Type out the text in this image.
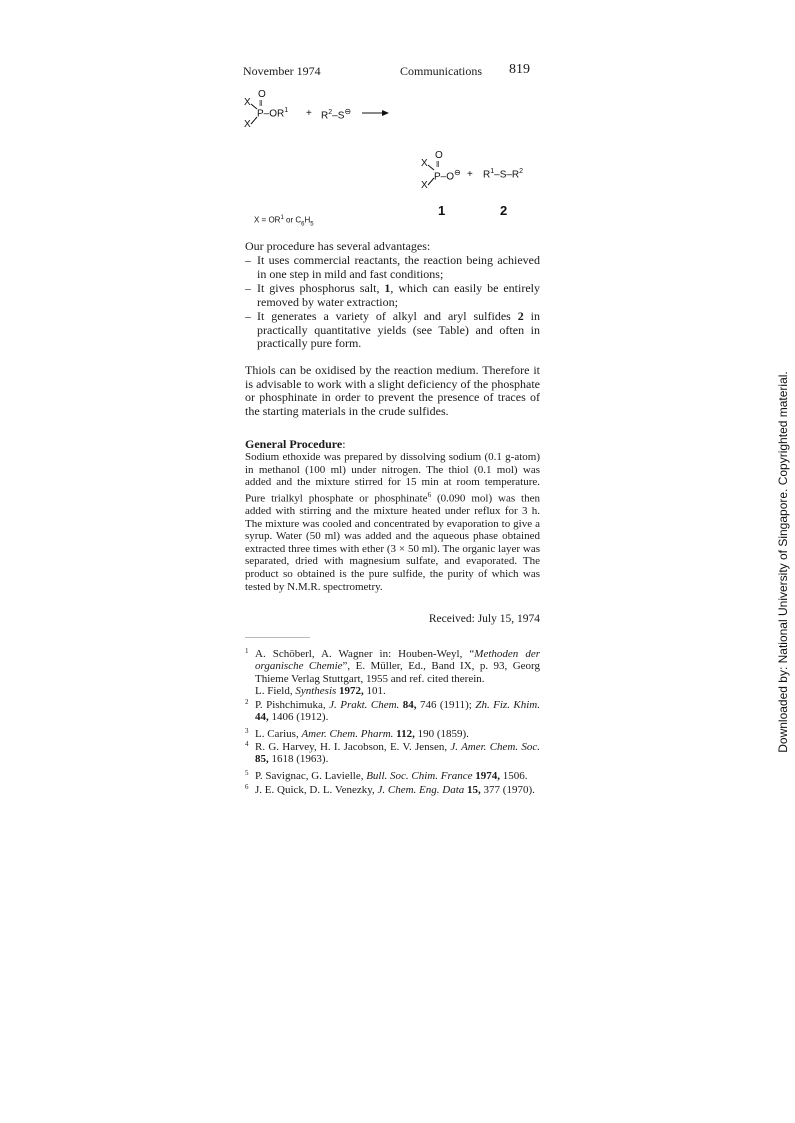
November 1974	Communications 819
O
X ‖
$P-OR^1$
X
+ $R^2-S^⊖$ →
O
X ‖
$P-O^⊖ + R^1-S-R^2$
X
1	2
$X = OR^1$ or $C_6H_5$
Our procedure has several advantages:
– It uses commercial reactants, the reaction being achieved in one step in mild and fast conditions;
– It gives phosphorus salt, 1, which can easily be entirely removed by water extraction;
– It generates a variety of alkyl and aryl sulfides 2 in practically quantitative yields (see Table) and often in practically pure form.
Thiols can be oxidised by the reaction medium. Therefore it is advisable to work with a slight deficiency of the phosphate or phosphinate in order to prevent the presence of traces of the starting materials in the crude sulfides.
General Procedure:
Sodium ethoxide was prepared by dissolving sodium (0.1 g-atom) in methanol (100 ml) under nitrogen. The thiol (0.1 mol) was added and the mixture stirred for 15 min at room temperature. Pure trialkyl phosphate or phosphinate$^6$ (0.090 mol) was then added with stirring and the mixture heated under reflux for 3 h. The mixture was cooled and concentrated by evaporation to give a syrup. Water (50 ml) was added and the aqueous phase obtained extracted three times with ether (3 × 50 ml). The organic layer was separated, dried with magnesium sulfate, and evaporated. The product so obtained is the pure sulfide, the purity of which was tested by N.M.R. spectrometry.
Received: July 15, 1974
1 A. Schöberl, A. Wagner in: Houben-Weyl, “Methoden der organische Chemie”, E. Müller, Ed., Band IX, p. 93, Georg Thieme Verlag Stuttgart, 1955 and ref. cited therein.
L. Field, Synthesis 1972, 101.
2 P. Pishchimuka, J. Prakt. Chem. 84, 746 (1911); Zh. Fiz. Khim. 44, 1406 (1912).
3 L. Carius, Amer. Chem. Pharm. 112, 190 (1859).
4 R. G. Harvey, H. I. Jacobson, E. V. Jensen, J. Amer. Chem. Soc. 85, 1618 (1963).
5 P. Savignac, G. Lavielle, Bull. Soc. Chim. France 1974, 1506.
6 J. E. Quick, D. L. Venezky, J. Chem. Eng. Data 15, 377 (1970).
Downloaded by: National University of Singapore. Copyrighted material.
